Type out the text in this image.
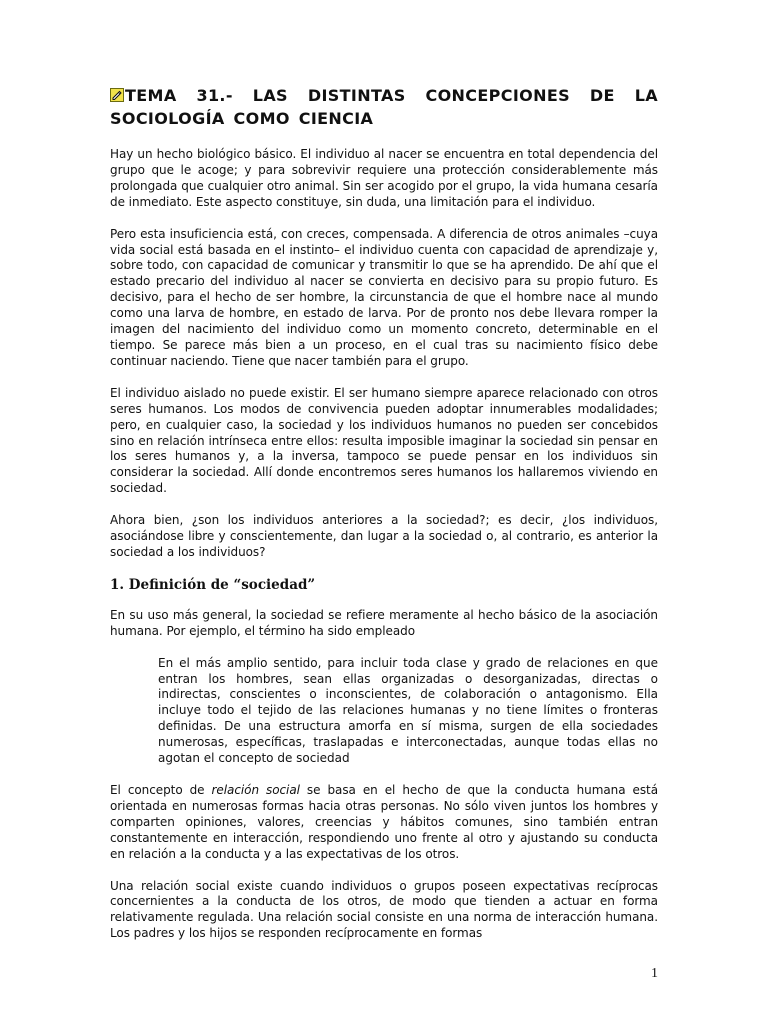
TEMA 31.- LAS DISTINTAS CONCEPCIONES DE LA
SOCIOLOGÍA COMO CIENCIA

Hay un hecho biológico básico. El individuo al nacer se encuentra en total dependencia del grupo que le acoge; y para sobrevivir requiere una protección considerablemente más prolongada que cualquier otro animal. Sin ser acogido por el grupo, la vida humana cesaría de inmediato. Este aspecto constituye, sin duda, una limitación para el individuo.

Pero esta insuficiencia está, con creces, compensada. A diferencia de otros animales –cuya vida social está basada en el instinto– el individuo cuenta con capacidad de aprendizaje y, sobre todo, con capacidad de comunicar y transmitir lo que se ha aprendido. De ahí que el estado precario del individuo al nacer se convierta en decisivo para su propio futuro. Es decisivo, para el hecho de ser hombre, la circunstancia de que el hombre nace al mundo como una larva de hombre, en estado de larva. Por de pronto nos debe llevara romper la imagen del nacimiento del individuo como un momento concreto, determinable en el tiempo. Se parece más bien a un proceso, en el cual tras su nacimiento físico debe continuar naciendo. Tiene que nacer también para el grupo.

El individuo aislado no puede existir. El ser humano siempre aparece relacionado con otros seres humanos. Los modos de convivencia pueden adoptar innumerables modalidades; pero, en cualquier caso, la sociedad y los individuos humanos no pueden ser concebidos sino en relación intrínseca entre ellos: resulta imposible imaginar la sociedad sin pensar en los seres humanos y, a la inversa, tampoco se puede pensar en los individuos sin considerar la sociedad. Allí donde encontremos seres humanos los hallaremos viviendo en sociedad.

Ahora bien, ¿son los individuos anteriores a la sociedad?; es decir, ¿los individuos, asociándose libre y conscientemente, dan lugar a la sociedad o, al contrario, es anterior la sociedad a los individuos?

1. Definición de “sociedad”

En su uso más general, la sociedad se refiere meramente al hecho básico de la asociación humana. Por ejemplo, el término ha sido empleado

En el más amplio sentido, para incluir toda clase y grado de relaciones en que entran los hombres, sean ellas organizadas o desorganizadas, directas o indirectas, conscientes o inconscientes, de colaboración o antagonismo. Ella incluye todo el tejido de las relaciones humanas y no tiene límites o fronteras definidas. De una estructura amorfa en sí misma, surgen de ella sociedades numerosas, específicas, traslapadas e interconectadas, aunque todas ellas no agotan el concepto de sociedad

El concepto de relación social se basa en el hecho de que la conducta humana está orientada en numerosas formas hacia otras personas. No sólo viven juntos los hombres y comparten opiniones, valores, creencias y hábitos comunes, sino también entran constantemente en interacción, respondiendo uno frente al otro y ajustando su conducta en relación a la conducta y a las expectativas de los otros.

Una relación social existe cuando individuos o grupos poseen expectativas recíprocas concernientes a la conducta de los otros, de modo que tienden a actuar en forma relativamente regulada. Una relación social consiste en una norma de interacción humana. Los padres y los hijos se responden recíprocamente en formas

1
